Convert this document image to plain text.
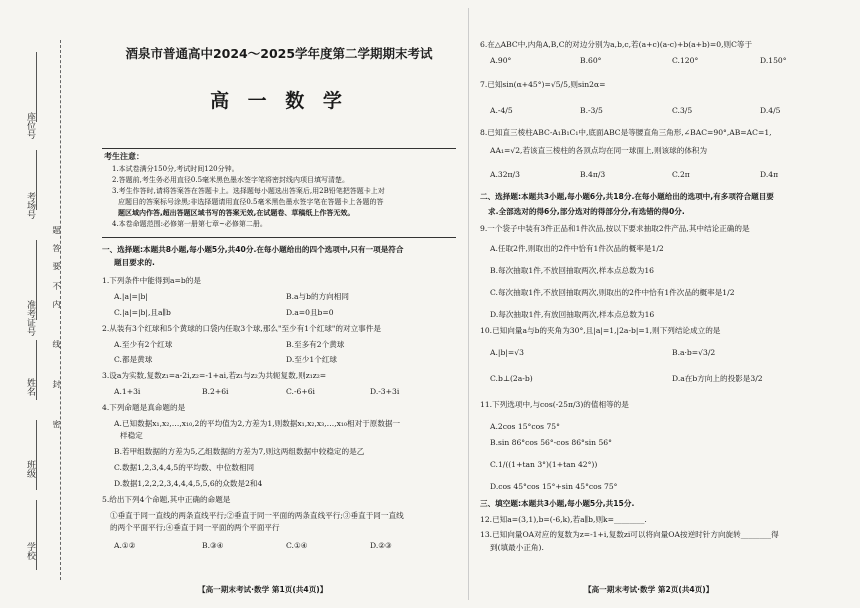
座位号
考场号
准考证号
姓名
班级
学校
密
封
线
内
不
要
答
题
酒泉市普通高中2024～2025学年度第二学期期末考试
高 一 数 学
考生注意：
1.本试卷满分150分,考试时间120分钟。
2.答题前,考生务必用直径0.5毫米黑色墨水签字笔将密封线内项目填写清楚。
3.考生作答时,请将答案答在答题卡上。选择题每小题选出答案后,用2B铅笔把答题卡上对
应题目的答案标号涂黑;非选择题请用直径0.5毫米黑色墨水签字笔在答题卡上各题的答
题区域内作答,超出答题区域书写的答案无效,在试题卷、草稿纸上作答无效。
4.本卷命题范围:必修第一册第七章~必修第二册。
一、选择题:本题共8小题,每小题5分,共40分.在每小题给出的四个选项中,只有一项是符合
题目要求的.
1.下列条件中能得到a=b的是
A.|a|=|b|	B.a与b的方向相同
C.|a|=|b|,且a∥b	D.a=0且b=0
2.从装有3个红球和5个黄球的口袋内任取3个球,那么"至少有1个红球"的对立事件是
A.至少有2个红球	B.至多有2个黄球
C.都是黄球	D.至少1个红球
3.设a为实数,复数z₁=a-2i,z₂=-1+ai,若z₁与z₂为共轭复数,则z₁z₂=
A.1+3i	B.2+6i	C.-6+6i	D.-3+3i
4.下列命题是真命题的是
A.已知数据x₁,x₂,…,x₁₀,2的平均值为2,方差为1,则数据x₁,x₂,x₃,…,x₁₀相对于原数据一
样稳定
B.若甲组数据的方差为5,乙组数据的方差为7,则这两组数据中较稳定的是乙
C.数据1,2,3,4,4,5的平均数、中位数相同
D.数据1,2,2,2,3,4,4,4,5,5,6的众数是2和4
5.给出下列4个命题,其中正确的命题是
①垂直于同一直线的两条直线平行;②垂直于同一平面的两条直线平行;③垂直于同一直线
的两个平面平行;④垂直于同一平面的两个平面平行
A.①②	B.③④	C.①④	D.②③
【高一期末考试·数学 第1页(共4页)】
6.在△ABC中,内角A,B,C的对边分别为a,b,c,若(a+c)(a-c)+b(a+b)=0,则C等于
A.90°	B.60°	C.120°	D.150°
7.已知sin(α+45°)=√5/5,则sin2α=
A.-4/5	B.-3/5	C.3/5	D.4/5
8.已知直三棱柱ABC-A₁B₁C₁中,底面ABC是等腰直角三角形,∠BAC=90°,AB=AC=1,
AA₁=√2,若该直三棱柱的各顶点均在同一球面上,则该球的体积为
A.32π/3	B.4π/3	C.2π	D.4π
二、选择题:本题共3小题,每小题6分,共18分.在每小题给出的选项中,有多项符合题目要
求.全部选对的得6分,部分选对的得部分分,有选错的得0分.
9.一个袋子中装有3件正品和1件次品,按以下要求抽取2件产品,其中结论正确的是
A.任取2件,则取出的2件中恰有1件次品的概率是1/2
B.每次抽取1件,不放回抽取两次,样本点总数为16
C.每次抽取1件,不放回抽取两次,则取出的2件中恰有1件次品的概率是1/2
D.每次抽取1件,有放回抽取两次,样本点总数为16
10.已知向量a与b的夹角为30°,且|a|=1,|2a-b|=1,则下列结论成立的是
A.|b|=√3	B.a·b=√3/2
C.b⊥(2a-b)	D.a在b方向上的投影是3/2
11.下列选项中,与cos(-25π/3)的值相等的是
A.2cos 15°cos 75°
B.sin 86°cos 56°-cos 86°sin 56°
C.1/((1+tan 3°)(1+tan 42°))
D.cos 45°cos 15°+sin 45°cos 75°
三、填空题:本题共3小题,每小题5分,共15分.
12.已知a=(3,1),b=(-6,k),若a∥b,则k=________.
13.已知向量OA对应的复数为z=-1+i,复数zi可以将向量OA按逆时针方向旋转________得
到(填最小正角).
【高一期末考试·数学 第2页(共4页)】
